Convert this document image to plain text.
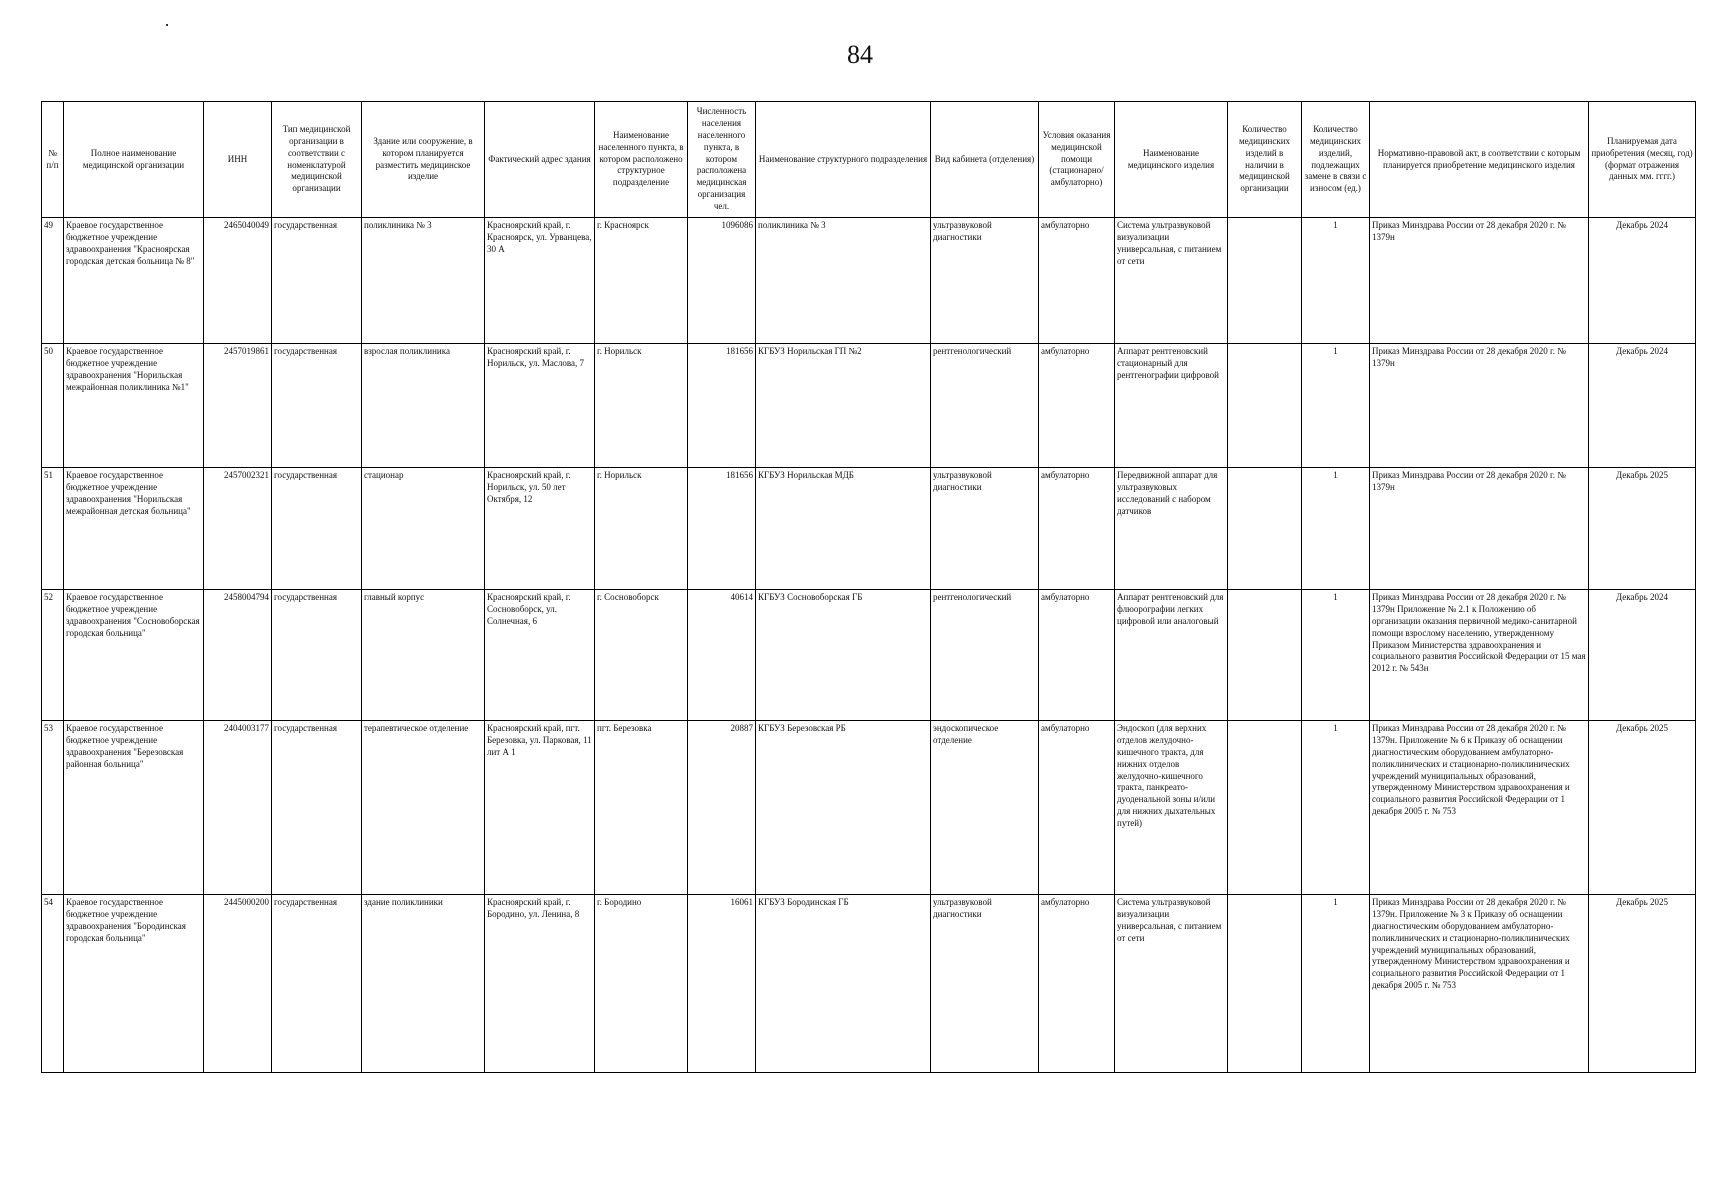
84
№ п/п	Полное наименование медицинской организации	ИНН	Тип медицинской организации в соответствии с номенклатурой медицинской организации	Здание или сооружение, в котором планируется разместить медицинское изделие	Фактический адрес здания	Наименование населенного пункта, в котором расположено структурное подразделение	Численность населения населенного пункта, в котором расположена медицинская организация чел.	Наименование структурного подразделения	Вид кабинета (отделения)	Условия оказания медицинской помощи (стационарно/ амбулаторно)	Наименование медицинского изделия	Количество медицинских изделий в наличии в медицинской организации	Количество медицинских изделий, подлежащих замене в связи с износом (ед.)	Нормативно-правовой акт, в соответствии с которым планируется приобретение медицинского изделия	Планируемая дата приобретения (месяц, год) (формат отражения данных мм. гггг.)
49	Краевое государственное бюджетное учреждение здравоохранения "Красноярская городская детская больница № 8"	2465040049	государственная	поликлиника № 3	Красноярский край, г. Красноярск, ул. Урванцева, 30 А	г. Красноярск	1096086	поликлиника № 3	ультразвуковой диагностики	амбулаторно	Система ультразвуковой визуализации универсальная, с питанием от сети		1	Приказ Минздрава России от 28 декабря 2020 г. № 1379н	Декабрь 2024
50	Краевое государственное бюджетное учреждение здравоохранения "Норильская межрайонная поликлиника №1"	2457019861	государственная	взрослая поликлиника	Красноярский край, г. Норильск, ул. Маслова, 7	г. Норильск	181656	КГБУЗ Норильская ГП №2	рентгенологический	амбулаторно	Аппарат рентгеновский стационарный для рентгенографии цифровой		1	Приказ Минздрава России от 28 декабря 2020 г. № 1379н	Декабрь 2024
51	Краевое государственное бюджетное учреждение здравоохранения "Норильская межрайонная детская больница"	2457002321	государственная	стационар	Красноярский край, г. Норильск, ул. 50 лет Октября, 12	г. Норильск	181656	КГБУЗ Норильская МДБ	ультразвуковой диагностики	амбулаторно	Передвижной аппарат для ультразвуковых исследований с набором датчиков		1	Приказ Минздрава России от 28 декабря 2020 г. № 1379н	Декабрь 2025
52	Краевое государственное бюджетное учреждение здравоохранения "Сосновоборская городская больница"	2458004794	государственная	главный корпус	Красноярский край, г. Сосновоборск, ул. Солнечная, 6	г. Сосновоборск	40614	КГБУЗ Сосновоборская ГБ	рентгенологический	амбулаторно	Аппарат рентгеновский для флюорографии легких цифровой или аналоговый		1	Приказ Минздрава России от 28 декабря 2020 г. № 1379н Приложение № 2.1 к Положению об организации оказания первичной медико-санитарной помощи взрослому населению, утвержденному Приказом Министерства здравоохранения и социального развития Российской Федерации от 15 мая 2012 г. № 543н	Декабрь 2024
53	Краевое государственное бюджетное учреждение здравоохранения "Березовская районная больница"	2404003177	государственная	терапевтическое отделение	Красноярский край, пгт. Березовка, ул. Парковая, 11 лит А 1	пгт. Березовка	20887	КГБУЗ Березовская РБ	эндоскопическое отделение	амбулаторно	Эндоскоп (для верхних отделов желудочно-кишечного тракта, для нижних отделов желудочно-кишечного тракта, панкреато-дуоденальной зоны и/или для нижних дыхательных путей)		1	Приказ Минздрава России от 28 декабря 2020 г. № 1379н. Приложение № 6 к Приказу об оснащении диагностическим оборудованием амбулаторно-поликлинических и стационарно-поликлинических учреждений муниципальных образований, утвержденному Министерством здравоохранения и социального развития Российской Федерации от 1 декабря 2005 г. № 753	Декабрь 2025
54	Краевое государственное бюджетное учреждение здравоохранения "Бородинская городская больница"	2445000200	государственная	здание поликлиники	Красноярский край, г. Бородино, ул. Ленина, 8	г. Бородино	16061	КГБУЗ Бородинская ГБ	ультразвуковой диагностики	амбулаторно	Система ультразвуковой визуализации универсальная, с питанием от сети		1	Приказ Минздрава России от 28 декабря 2020 г. № 1379н. Приложение № 3 к Приказу об оснащении диагностическим оборудованием амбулаторно-поликлинических и стационарно-поликлинических учреждений муниципальных образований, утвержденному Министерством здравоохранения и социального развития Российской Федерации от 1 декабря 2005 г. № 753	Декабрь 2025
